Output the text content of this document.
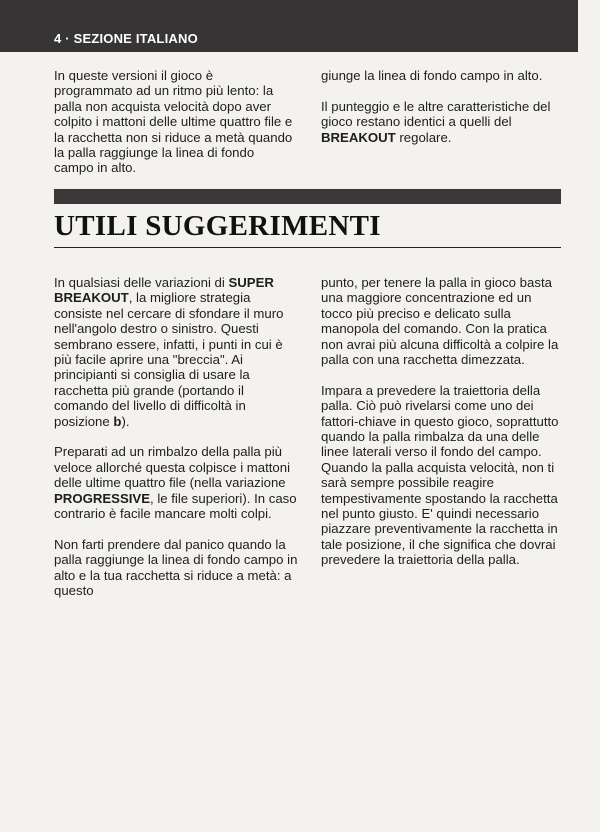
4 · SEZIONE ITALIANO

In queste versioni il gioco è programmato ad un ritmo più lento: la palla non acquista velocità dopo aver colpito i mattoni delle ultime quattro file e la racchetta non si riduce a metà quando la palla raggiunge la linea di fondo campo in alto.

giunge la linea di fondo campo in alto.

Il punteggio e le altre caratteristiche del gioco restano identici a quelli del BREAKOUT regolare.

UTILI SUGGERIMENTI

In qualsiasi delle variazioni di SUPER BREAKOUT, la migliore strategia consiste nel cercare di sfondare il muro nell'angolo destro o sinistro. Questi sembrano essere, infatti, i punti in cui è più facile aprire una "breccia". Ai principianti si consiglia di usare la racchetta più grande (portando il comando del livello di difficoltà in posizione b).

Preparati ad un rimbalzo della palla più veloce allorché questa colpisce i mattoni delle ultime quattro file (nella variazione PROGRESSIVE, le file superiori). In caso contrario è facile mancare molti colpi.

Non farti prendere dal panico quando la palla raggiunge la linea di fondo campo in alto e la tua racchetta si riduce a metà: a questo

punto, per tenere la palla in gioco basta una maggiore concentrazione ed un tocco più preciso e delicato sulla manopola del comando. Con la pratica non avrai più alcuna difficoltà a colpire la palla con una racchetta dimezzata.

Impara a prevedere la traiettoria della palla. Ciò può rivelarsi come uno dei fattori-chiave in questo gioco, soprattutto quando la palla rimbalza da una delle linee laterali verso il fondo del campo. Quando la palla acquista velocità, non ti sarà sempre possibile reagire tempestivamente spostando la racchetta nel punto giusto. E' quindi necessario piazzare preventivamente la racchetta in tale posizione, il che significa che dovrai prevedere la traiettoria della palla.
